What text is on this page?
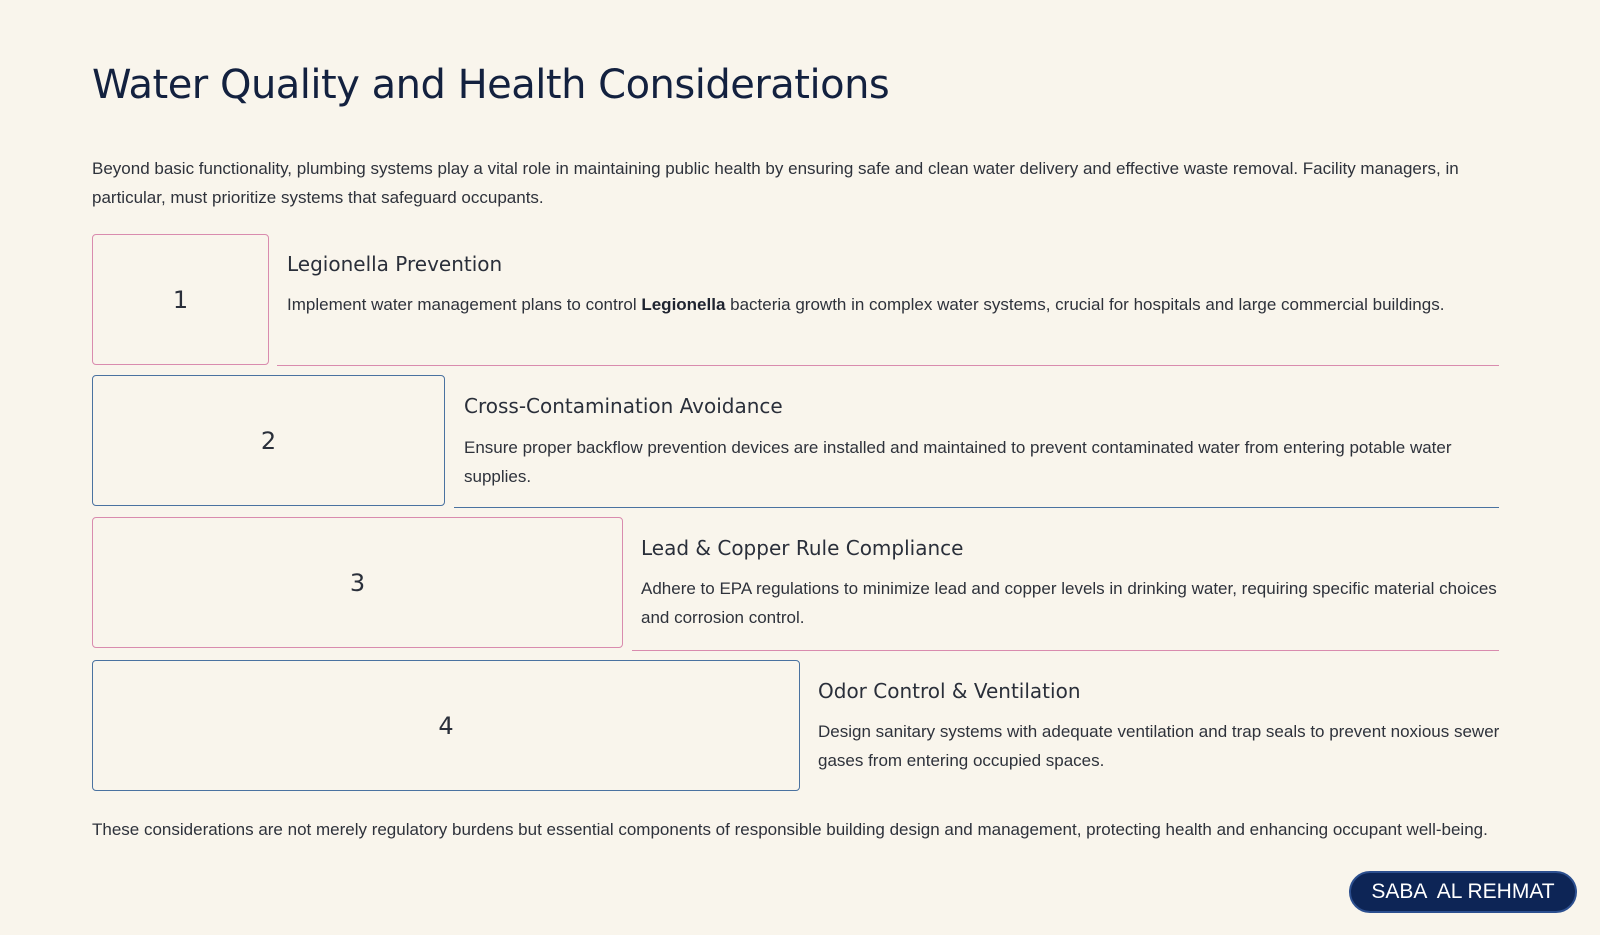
Water Quality and Health Considerations

Beyond basic functionality, plumbing systems play a vital role in maintaining public health by ensuring safe and clean water delivery and effective waste removal. Facility managers, in particular, must prioritize systems that safeguard occupants.

1
Legionella Prevention

Implement water management plans to control Legionella bacteria growth in complex water systems, crucial for hospitals and large commercial buildings.

2
Cross-Contamination Avoidance

Ensure proper backflow prevention devices are installed and maintained to prevent contaminated water from entering potable water supplies.

3
Lead & Copper Rule Compliance

Adhere to EPA regulations to minimize lead and copper levels in drinking water, requiring specific material choices and corrosion control.

4
Odor Control & Ventilation

Design sanitary systems with adequate ventilation and trap seals to prevent noxious sewer gases from entering occupied spaces.

These considerations are not merely regulatory burdens but essential components of responsible building design and management, protecting health and enhancing occupant well-being.

SABA  AL REHMAT
